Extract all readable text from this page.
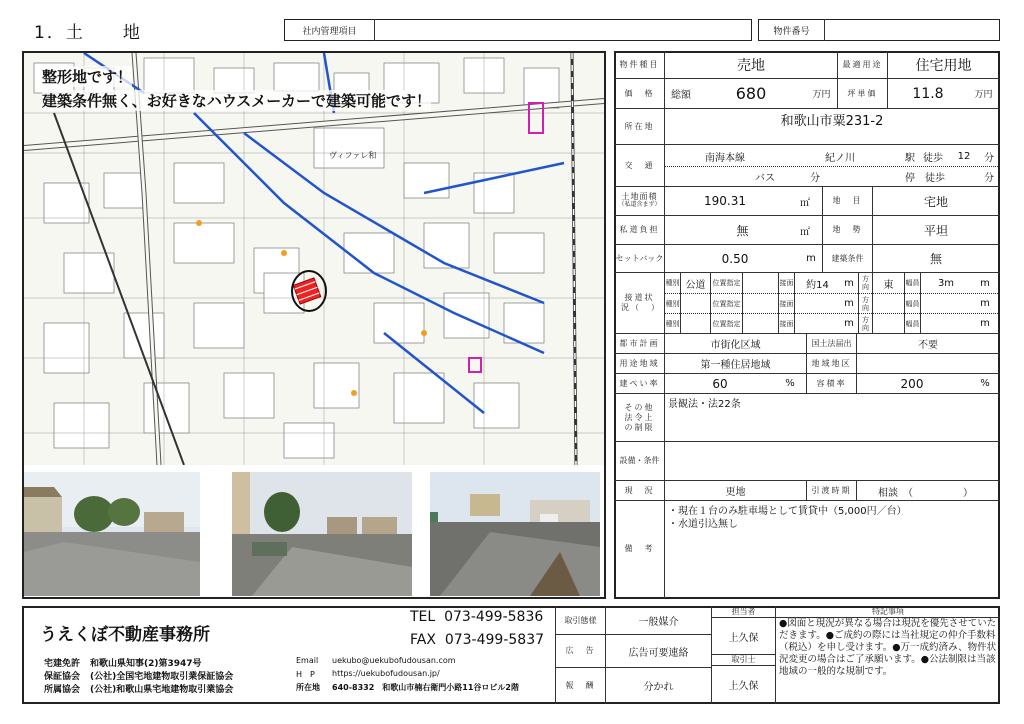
1．土　　地	社内管理項目	物件番号
ヴィファレ和
整形地です！
建築条件無く、お好きなハウスメーカーで建築可能です！
物件種目	売地	最適用途	住宅用地
価　格	総額	680	万円	坪単価	11.8	万円
所在地	和歌山市粟231-2
交　通
南海本線	紀ノ川	駅 徒歩	12	分
バス	分	停	徒歩	分
土地面積
（私道含まず）	190.31	㎡	地　目	宅地
私道負担	無	㎡	地　勢	平坦
セットバック	0.50	m	建築条件	無
接道状況（　）
種別 公道	位置指定	接面	約14	m	方向	東	幅員	3m	m
種別	位置指定	接面	m	方向	幅員	m
種別	位置指定	接面	m	方向	幅員	m
都市計画	市街化区域	国土法届出	不要
用途地域	第一種住居地域	地域地区
建ぺい率	60	%	容積率	200	%
その他法令上の制限
景観法・法22条
設備・条件
現　況	更地	引渡時期	相談　（　　　　　）
備　考
・現在１台のみ駐車場として賃貸中（5,000円／台）
・水道引込無し
うえくぼ不動産事務所
TEL  073-499-5836
FAX  073-499-5837
宅建免許 和歌山県知事(2)第3947号
保証協会 (公社)全国宅地建物取引業保証協会
所属協会 (公社)和歌山県宅地建物取引業協会
Email uekubo@uekubofudousan.com
H　P https://uekubofudousan.jp/
所在地 640-8332　和歌山市楠右衛門小路11谷ロビル2階
取引態様	一般媒介
広　告	広告可要連絡
報　酬	分かれ
担当者
上久保
取引士
上久保
特記事項
●図面と現況が異なる場合は現況を優先させていただきます。●ご成約の際には当社規定の仲介手数料（税込）を申し受けます。●万一成約済み、物件状況変更の場合はご了承願います。●公法制限は当該地域の一般的な規制です。
